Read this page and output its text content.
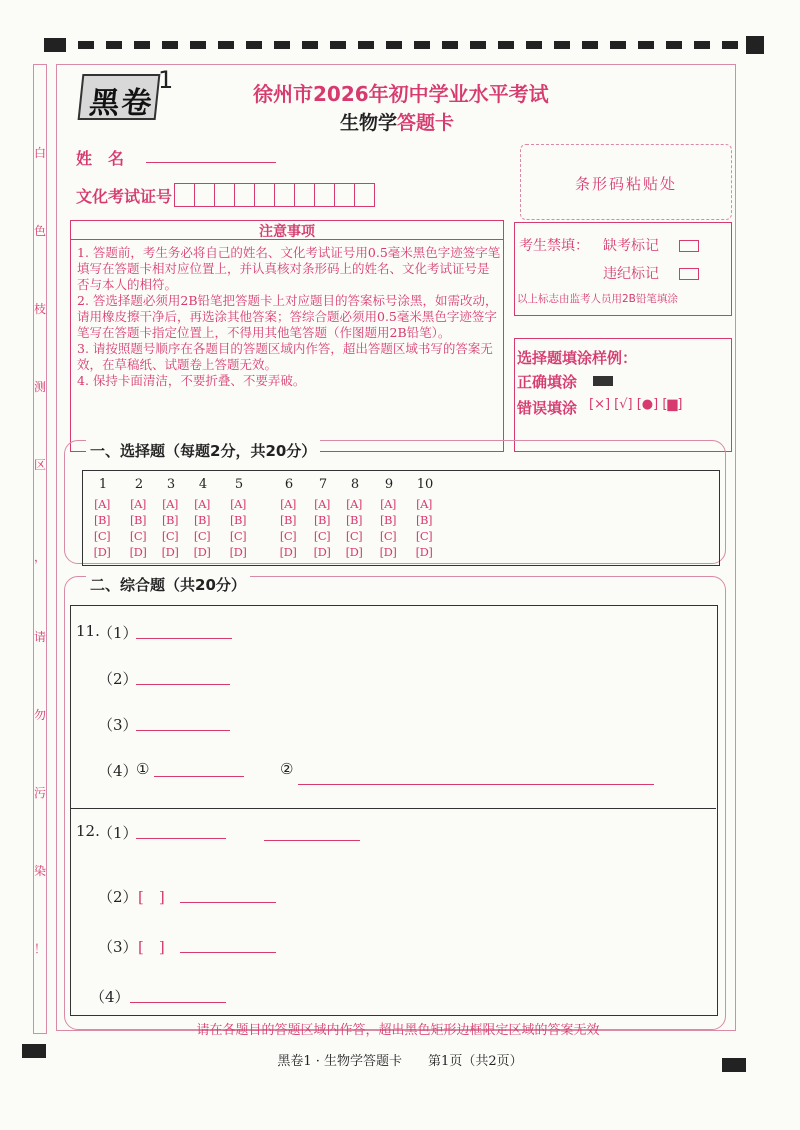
白
色
枝
测
区
，
请
勿
污
染
！
黑卷
1	徐州市2026年初中学业水平考试
生物学答题卡
姓　名
文化考试证号
条形码粘贴处
注意事项

1. 答题前，考生务必将自己的姓名、文化考试证号用0.5毫米黑色字迹签字笔填写在答题卡相对应位置上，并认真核对条形码上的姓名、文化考试证号是否与本人的相符。

2. 答选择题必须用2B铅笔把答题卡上对应题目的答案标号涂黑，如需改动，请用橡皮擦干净后，再选涂其他答案；答综合题必须用0.5毫米黑色字迹签字笔写在答题卡指定位置上，不得用其他笔答题（作图题用2B铅笔）。

3. 请按照题号顺序在各题目的答题区域内作答，超出答题区域书写的答案无效，在草稿纸、试题卷上答题无效。

4. 保持卡面清洁，不要折叠、不要弄破。

考生禁填： 缺考标记
违纪标记
以上标志由监考人员用2B铅笔填涂
选择题填涂样例：
正确填涂
错误填涂 [×] [√] [●] [▆]
一、选择题（每题2分，共20分）
1
[A]
[B]
[C]
[D]
2
[A]
[B]
[C]
[D]
3
[A]
[B]
[C]
[D]
4
[A]
[B]
[C]
[D]
5
[A]
[B]
[C]
[D]
6
[A]
[B]
[C]
[D]
7
[A]
[B]
[C]
[D]
8
[A]
[B]
[C]
[D]
9
[A]
[B]
[C]
[D]
10
[A]
[B]
[C]
[D]
二、综合题（共20分）
11.
（1）
（2）
（3）
（4）
①	②
12.
（1）
（2） [　]
（3） [　]
（4）
请在各题目的答题区域内作答，超出黑色矩形边框限定区域的答案无效
黑卷1 · 生物学答题卡　　第1页（共2页）
